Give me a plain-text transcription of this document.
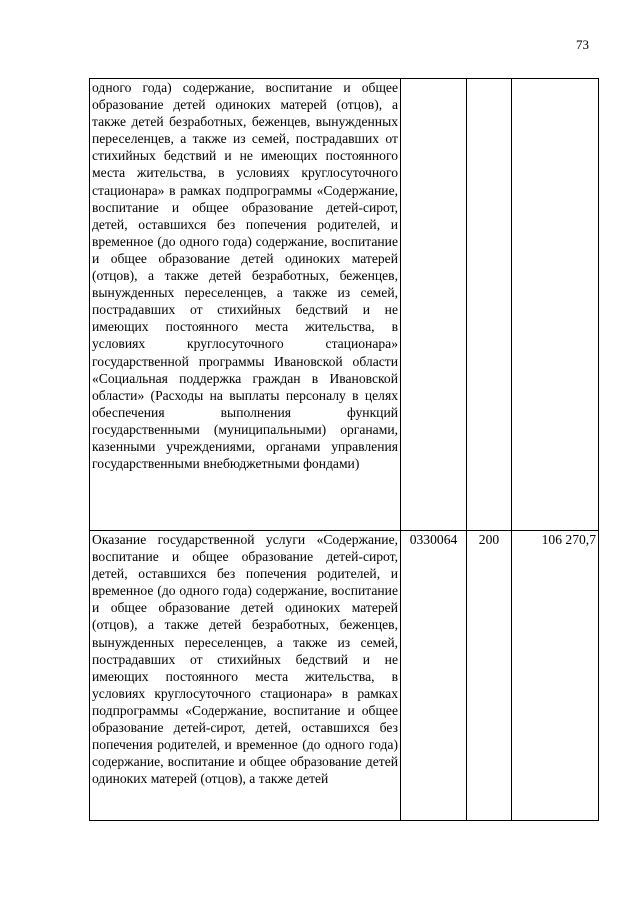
73
одного года) содержание, воспитание и общее образование детей одиноких матерей (отцов), а также детей безработных, беженцев, вынужденных переселенцев, а также из семей, пострадавших от стихийных бедствий и не имеющих постоянного места жительства, в условиях круглосуточного стационара» в рамках подпрограммы «Содержание, воспитание и общее образование детей-сирот, детей, оставшихся без попечения родителей, и временное (до одного года) содержание, воспитание и общее образование детей одиноких матерей (отцов), а также детей безработных, беженцев, вынужденных переселенцев, а также из семей, пострадавших от стихийных бедствий и не имеющих постоянного места жительства, в условиях круглосуточного стационара» государственной программы Ивановской области «Социальная поддержка граждан в Ивановской области» (Расходы на выплаты персоналу в целях обеспечения выполнения функций государственными (муниципальными) органами, казенными учреждениями, органами управления государственными внебюджетными фондами)			
Оказание государственной услуги «Содержание, воспитание и общее образование детей-сирот, детей, оставшихся без попечения родителей, и временное (до одного года) содержание, воспитание и общее образование детей одиноких матерей (отцов), а также детей безработных, беженцев, вынужденных переселенцев, а также из семей, пострадавших от стихийных бедствий и не имеющих постоянного места жительства, в условиях круглосуточного стационара» в рамках подпрограммы «Содержание, воспитание и общее образование детей-сирот, детей, оставшихся без попечения родителей, и временное (до одного года) содержание, воспитание и общее образование детей одиноких матерей (отцов), а также детей	0330064	200	106 270,7
